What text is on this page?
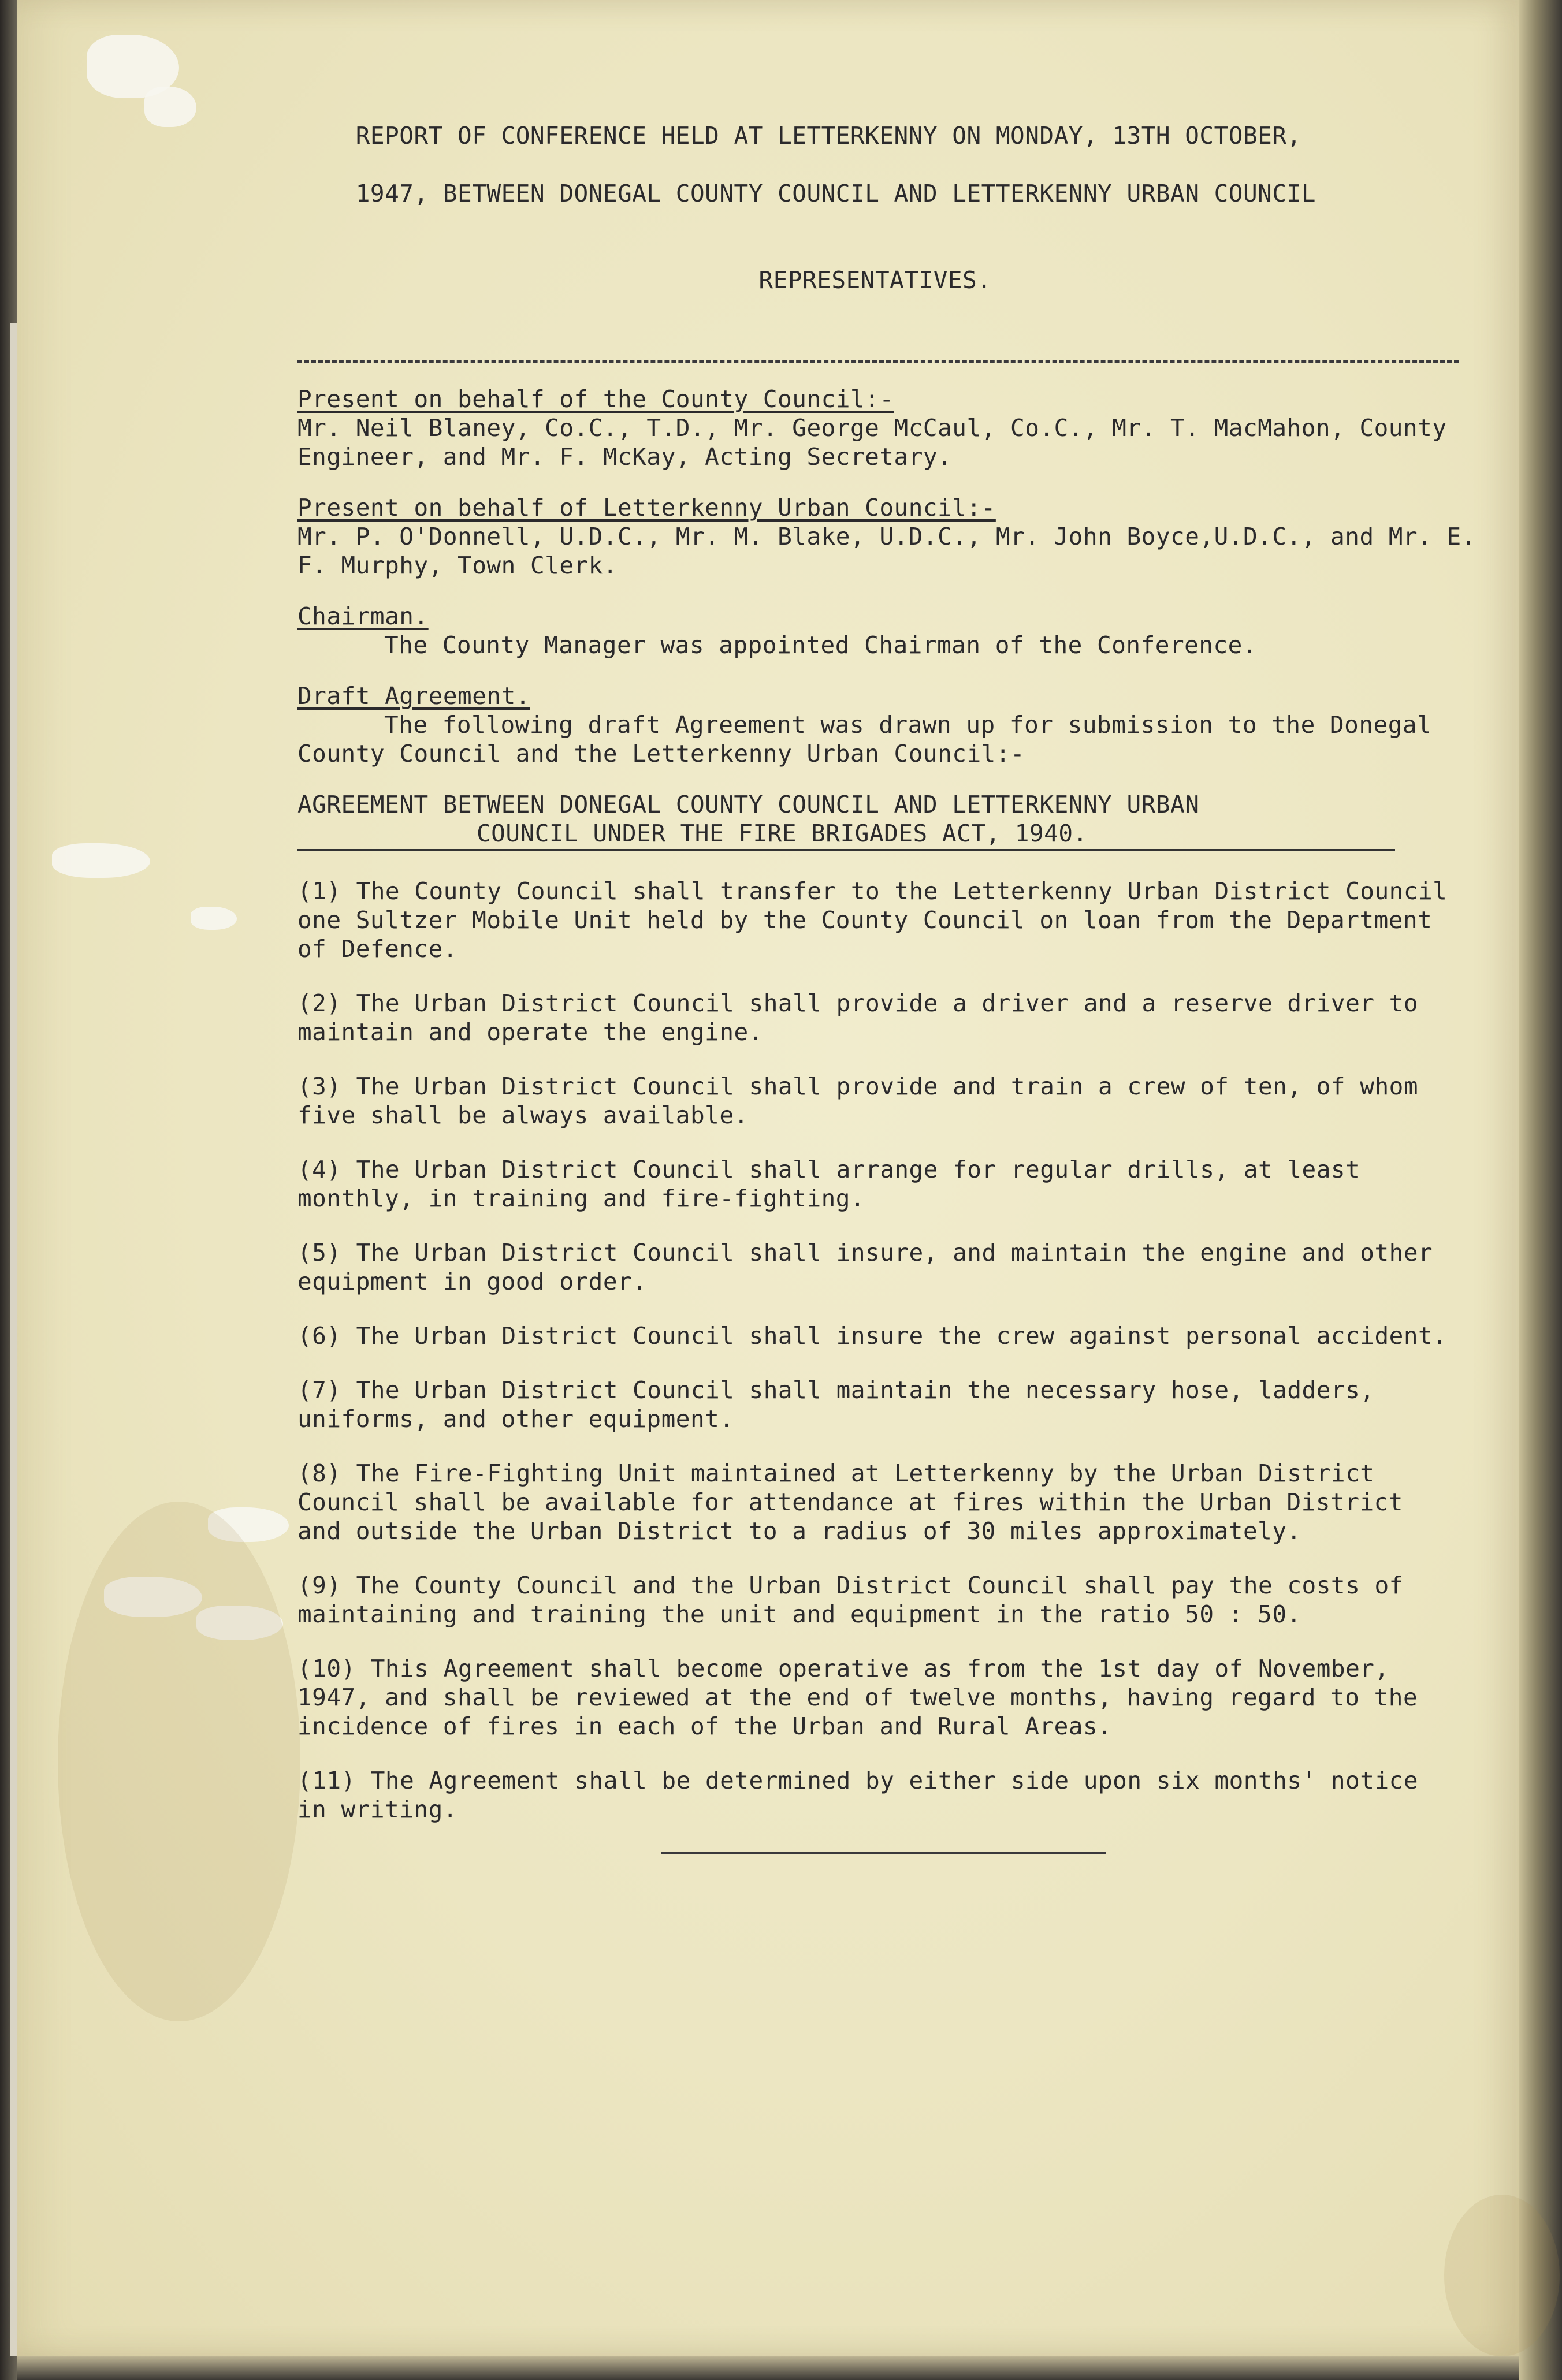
REPORT OF CONFERENCE HELD AT LETTERKENNY ON MONDAY, 13TH OCTOBER,

1947, BETWEEN DONEGAL COUNTY COUNCIL AND LETTERKENNY URBAN COUNCIL

REPRESENTATIVES.

Present on behalf of the County Council:-

Mr. Neil Blaney, Co.C., T.D., Mr. George McCaul, Co.C., Mr. T. MacMahon, County Engineer, and Mr. F. McKay, Acting Secretary.

Present on behalf of Letterkenny Urban Council:-

Mr. P. O'Donnell, U.D.C., Mr. M. Blake, U.D.C., Mr. John Boyce,U.D.C., and Mr. E. F. Murphy, Town Clerk.

Chairman.

The County Manager was appointed Chairman of the Conference.

Draft Agreement.

The following draft Agreement was drawn up for submission to the Donegal County Council and the Letterkenny Urban Council:-

AGREEMENT BETWEEN DONEGAL COUNTY COUNCIL AND LETTERKENNY URBAN

COUNCIL UNDER THE FIRE BRIGADES ACT, 1940.

(1) The County Council shall transfer to the Letterkenny Urban District Council one Sultzer Mobile Unit held by the County Council on loan from the Department of Defence.

(2) The Urban District Council shall provide a driver and a reserve driver to maintain and operate the engine.

(3) The Urban District Council shall provide and train a crew of ten, of whom five shall be always available.

(4) The Urban District Council shall arrange for regular drills, at least monthly, in training and fire-fighting.

(5) The Urban District Council shall insure, and maintain the engine and other equipment in good order.

(6) The Urban District Council shall insure the crew against personal accident.

(7) The Urban District Council shall maintain the necessary hose, ladders, uniforms, and other equipment.

(8) The Fire-Fighting Unit maintained at Letterkenny by the Urban District Council shall be available for attendance at fires within the Urban District and outside the Urban District to a radius of 30 miles approximately.

(9) The County Council and the Urban District Council shall pay the costs of maintaining and training the unit and equipment in the ratio 50 : 50.

(10) This Agreement shall become operative as from the 1st day of November, 1947, and shall be reviewed at the end of twelve months, having regard to the incidence of fires in each of the Urban and Rural Areas.

(11) The Agreement shall be determined by either side upon six months' notice in writing.
